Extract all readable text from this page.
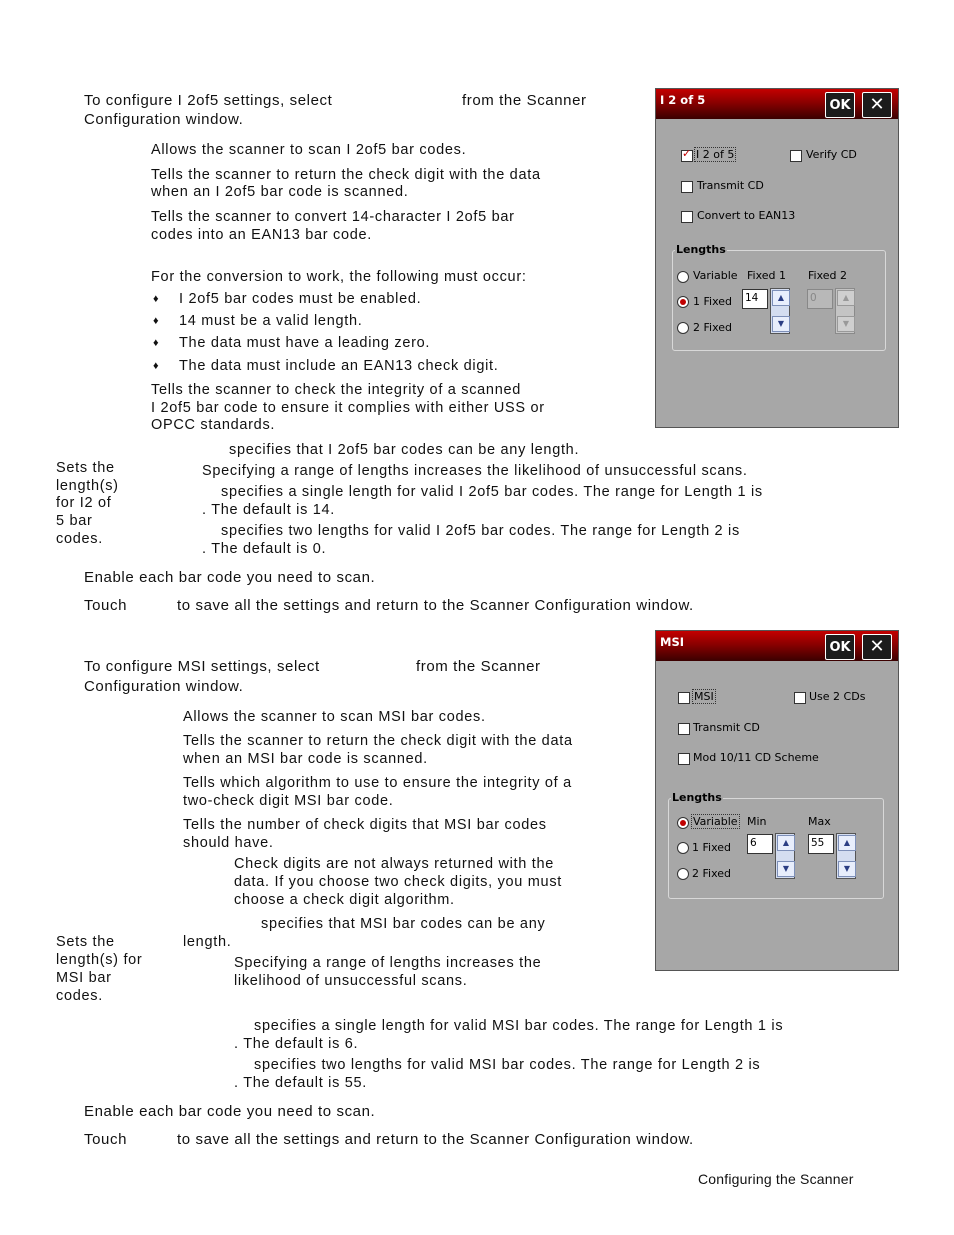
To configure I 2of5 settings, select	from the Scanner
Configuration window.
Allows the scanner to scan I 2of5 bar codes.
Tells the scanner to return the check digit with the data
when an I 2of5 bar code is scanned.
Tells the scanner to convert 14-character I 2of5 bar
codes into an EAN13 bar code.
For the conversion to work, the following must occur:
♦ I 2of5 bar codes must be enabled.
♦ 14 must be a valid length.
♦ The data must have a leading zero.
♦ The data must include an EAN13 check digit.
Tells the scanner to check the integrity of a scanned
I 2of5 bar code to ensure it complies with either USS or
OPCC standards.
specifies that I 2of5 bar codes can be any length.
Sets the
length(s)
for I2 of
5 bar
codes.
Specifying a range of lengths increases the likelihood of unsuccessful scans.
specifies a single length for valid I 2of5 bar codes. The range for Length 1 is
. The default is 14.
specifies two lengths for valid I 2of5 bar codes. The range for Length 2 is
. The default is 0.
Enable each bar code you need to scan.
Touch	to save all the settings and return to the Scanner Configuration window.
I 2 of 5	OK	✕
✓
I 2 of 5	Verify CD
Transmit CD
Convert to EAN13
Lengths
Fixed 1 Fixed 2
Variable
1 Fixed
2 Fixed
14	▲
▼
0	▲
▼
To configure MSI settings, select	from the Scanner
Configuration window.
Allows the scanner to scan MSI bar codes.
Tells the scanner to return the check digit with the data
when an MSI bar code is scanned.
Tells which algorithm to use to ensure the integrity of a
two-check digit MSI bar code.
Tells the number of check digits that MSI bar codes
should have.
Check digits are not always returned with the
data. If you choose two check digits, you must
choose a check digit algorithm.
specifies that MSI bar codes can be any
length.
Sets the
length(s) for
MSI bar
codes.
Specifying a range of lengths increases the
likelihood of unsuccessful scans.
specifies a single length for valid MSI bar codes. The range for Length 1 is
. The default is 6.
specifies two lengths for valid MSI bar codes. The range for Length 2 is
. The default is 55.
Enable each bar code you need to scan.
Touch	to save all the settings and return to the Scanner Configuration window.
MSI	OK	✕
MSI	Use 2 CDs
Transmit CD
Mod 10/11 CD Scheme
Lengths
Min	Max
Variable
1 Fixed
2 Fixed
6	▲
▼
55	▲
▼
Configuring the Scanner
